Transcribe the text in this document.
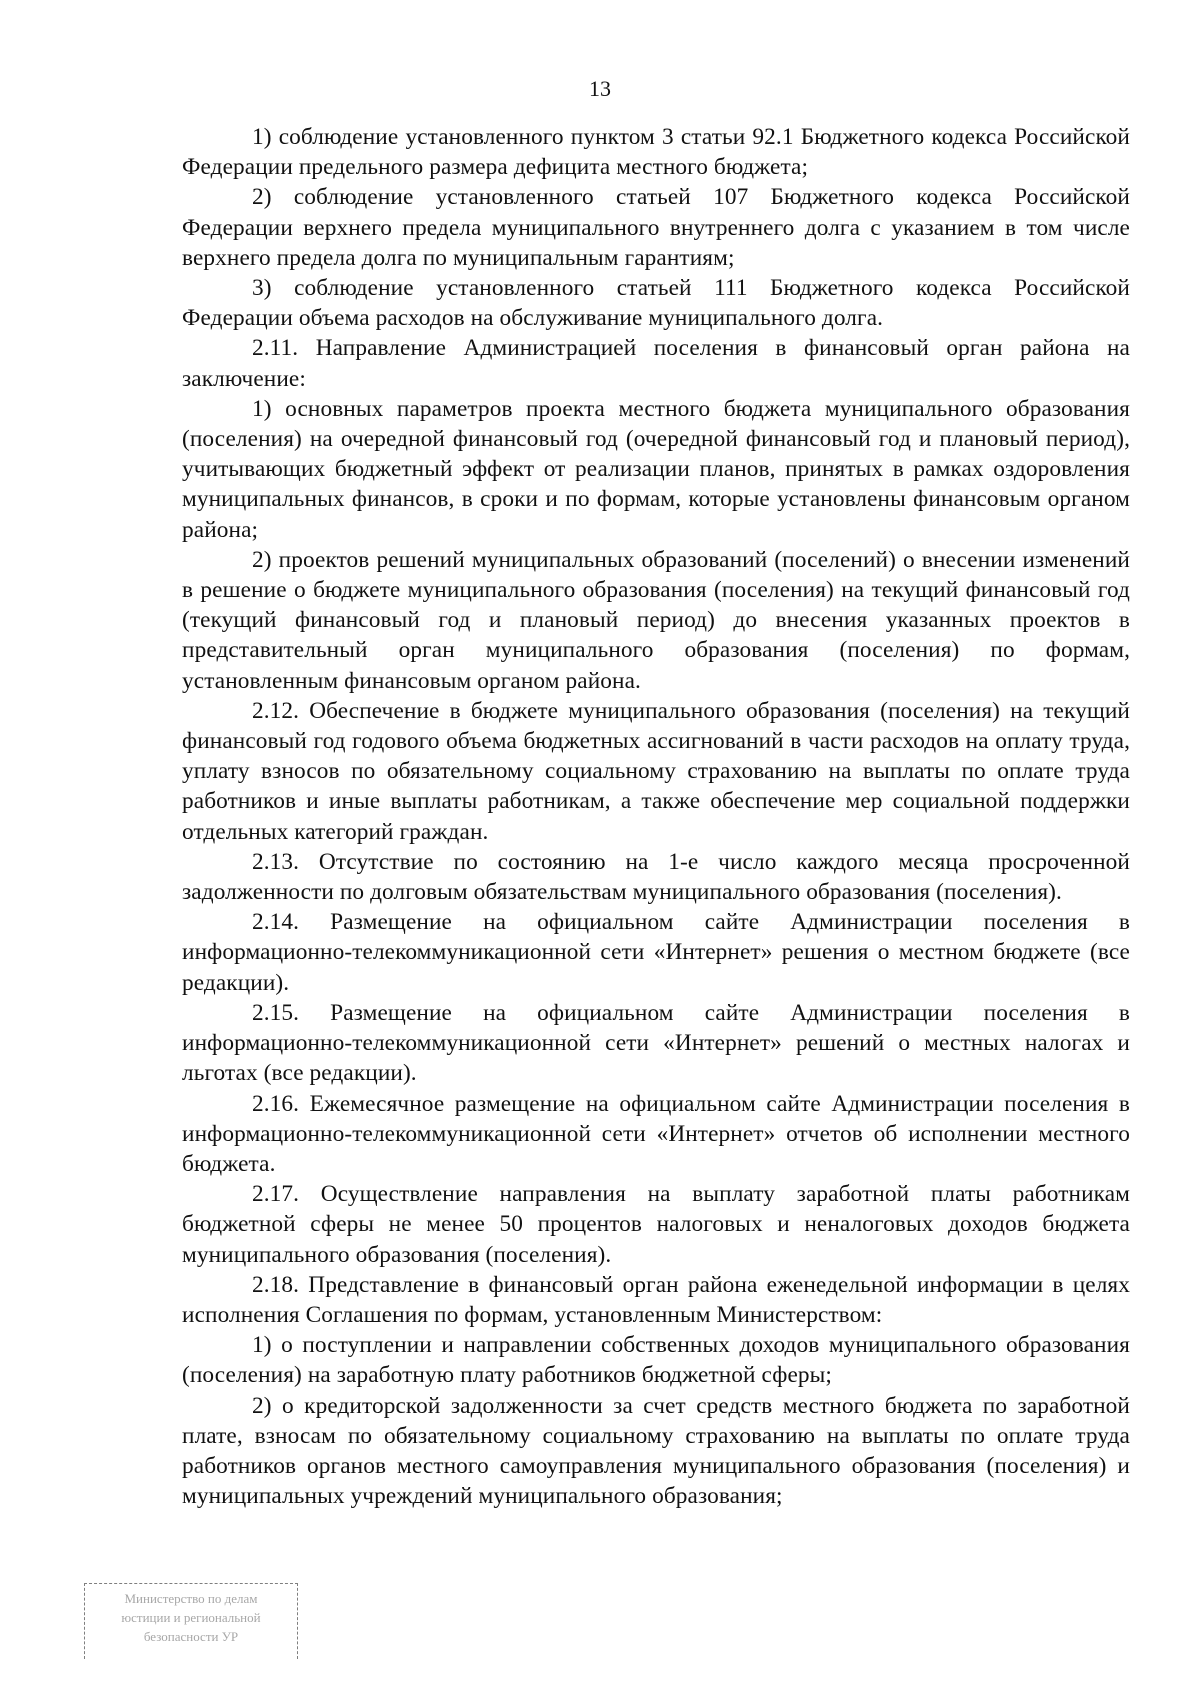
13

1) соблюдение установленного пунктом 3 статьи 92.1 Бюджетного кодекса Российской Федерации предельного размера дефицита местного бюджета;

2) соблюдение установленного статьей 107 Бюджетного кодекса Российской Федерации верхнего предела муниципального внутреннего долга с указанием в том числе верхнего предела долга по муниципальным гарантиям;

3) соблюдение установленного статьей 111 Бюджетного кодекса Российской Федерации объема расходов на обслуживание муниципального долга.

2.11. Направление Администрацией поселения в финансовый орган района на заключение:

1) основных параметров проекта местного бюджета муниципального образования (поселения) на очередной финансовый год (очередной финансовый год и плановый период), учитывающих бюджетный эффект от реализации планов, принятых в рамках оздоровления муниципальных финансов, в сроки и по формам, которые установлены финансовым органом района;

2) проектов решений муниципальных образований (поселений) о внесении изменений в решение о бюджете муниципального образования (поселения) на текущий финансовый год (текущий финансовый год и плановый период) до внесения указанных проектов в представительный орган муниципального образования (поселения) по формам, установленным финансовым органом района.

2.12. Обеспечение в бюджете муниципального образования (поселения) на текущий финансовый год годового объема бюджетных ассигнований в части расходов на оплату труда, уплату взносов по обязательному социальному страхованию на выплаты по оплате труда работников и иные выплаты работникам, а также обеспечение мер социальной поддержки отдельных категорий граждан.

2.13. Отсутствие по состоянию на 1-е число каждого месяца просроченной задолженности по долговым обязательствам муниципального образования (поселения).

2.14. Размещение на официальном сайте Администрации поселения в информационно-телекоммуникационной сети «Интернет» решения о местном бюджете (все редакции).

2.15. Размещение на официальном сайте Администрации поселения в информационно-телекоммуникационной сети «Интернет» решений о местных налогах и льготах (все редакции).

2.16. Ежемесячное размещение на официальном сайте Администрации поселения в информационно-телекоммуникационной сети «Интернет» отчетов об исполнении местного бюджета.

2.17. Осуществление направления на выплату заработной платы работникам бюджетной сферы не менее 50 процентов налоговых и неналоговых доходов бюджета муниципального образования (поселения).

2.18. Представление в финансовый орган района еженедельной информации в целях исполнения Соглашения по формам, установленным Министерством:

1) о поступлении и направлении собственных доходов муниципального образования (поселения) на заработную плату работников бюджетной сферы;

2) о кредиторской задолженности за счет средств местного бюджета по заработной плате, взносам по обязательному социальному страхованию на выплаты по оплате труда работников органов местного самоуправления муниципального образования (поселения) и муниципальных учреждений муниципального образования;

Министерство по делам
юстиции и региональной
безопасности УР
